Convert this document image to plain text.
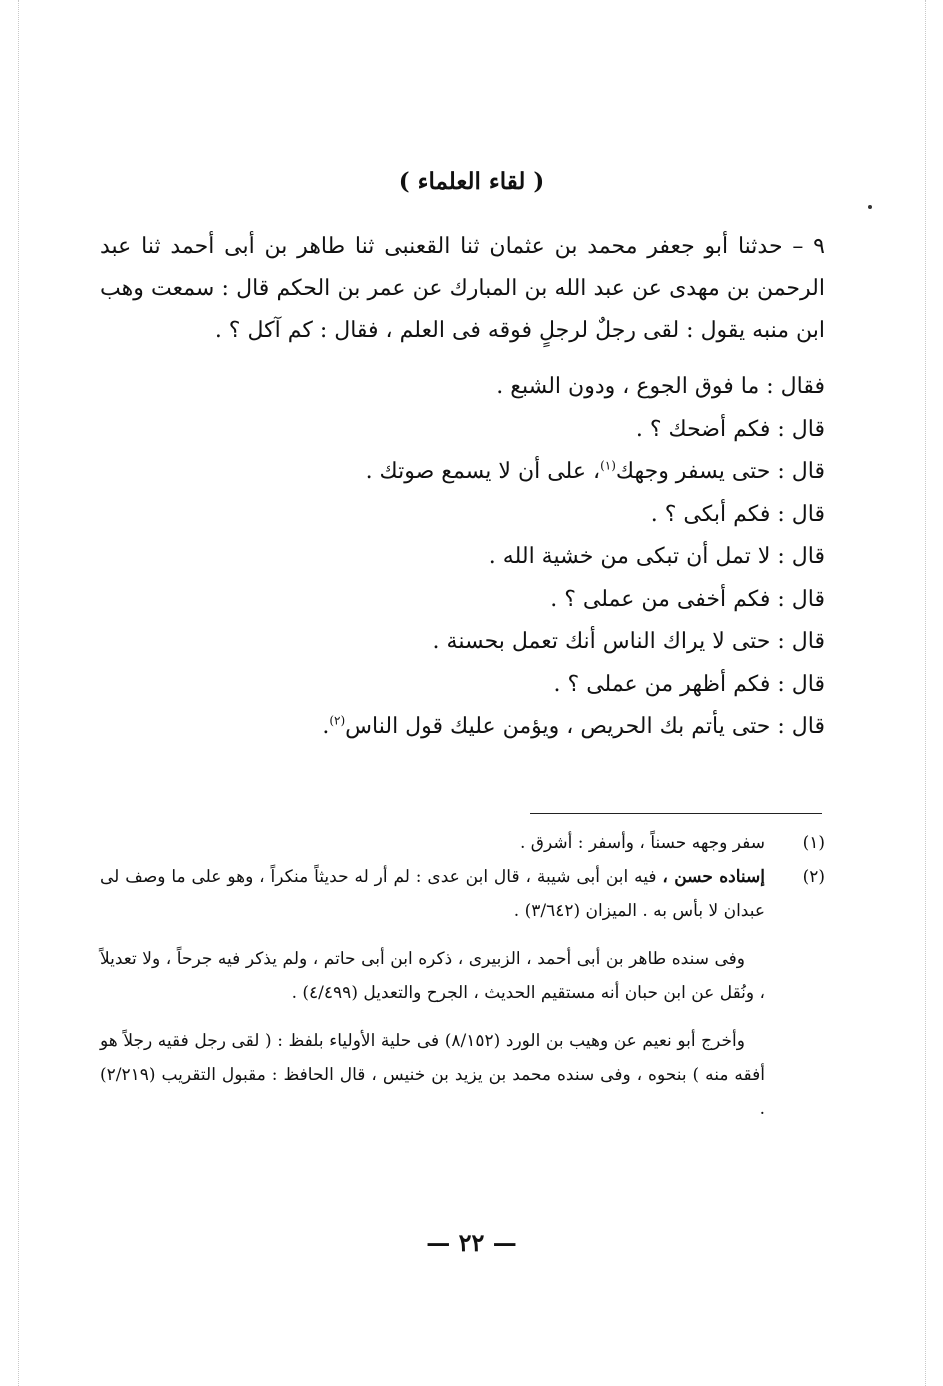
( لقاء العلماء )

٩ – حدثنا أبو جعفر محمد بن عثمان ثنا القعنبى ثنا طاهر بن أبى أحمد ثنا عبد الرحمن بن مهدى عن عبد الله بن المبارك عن عمر بن الحكم قال : سمعت وهب ابن منبه يقول : لقى رجلٌ لرجلٍ فوقه فى العلم ، فقال : كم آكل ؟ .

فقال : ما فوق الجوع ، ودون الشبع .
قال : فكم أضحك ؟ .
قال : حتى يسفر وجهك$^{(١)}$، على أن لا يسمع صوتك .
قال : فكم أبكى ؟ .
قال : لا تمل أن تبكى من خشية الله .
قال : فكم أخفى من عملى ؟ .
قال : حتى لا يراك الناس أنك تعمل بحسنة .
قال : فكم أظهر من عملى ؟ .
قال : حتى يأتم بك الحريص ، ويؤمن عليك قول الناس$^{(٢)}$.
(١)
سفر وجهه حسناً ، وأسفر : أشرق .
(٢)
إسناده حسن ، فيه ابن أبى شيبة ، قال ابن عدى : لم أر له حديثاً منكراً ، وهو على ما وصف لى عبدان لا بأس به . الميزان (٣/٦٤٢) .
وفى سنده طاهر بن أبى أحمد ، الزبيرى ، ذكره ابن أبى حاتم ، ولم يذكر فيه جرحاً ، ولا تعديلاً ، ونُقل عن ابن حبان أنه مستقيم الحديث ، الجرح والتعديل (٤/٤٩٩) .
وأخرج أبو نعيم عن وهيب بن الورد (٨/١٥٢) فى حلية الأولياء بلفظ : ( لقى رجل فقيه رجلاً هو أفقه منه ) بنحوه ، وفى سنده محمد بن يزيد بن خنيس ، قال الحافظ : مقبول التقريب (٢/٢١٩) .
— ٢٢ —
